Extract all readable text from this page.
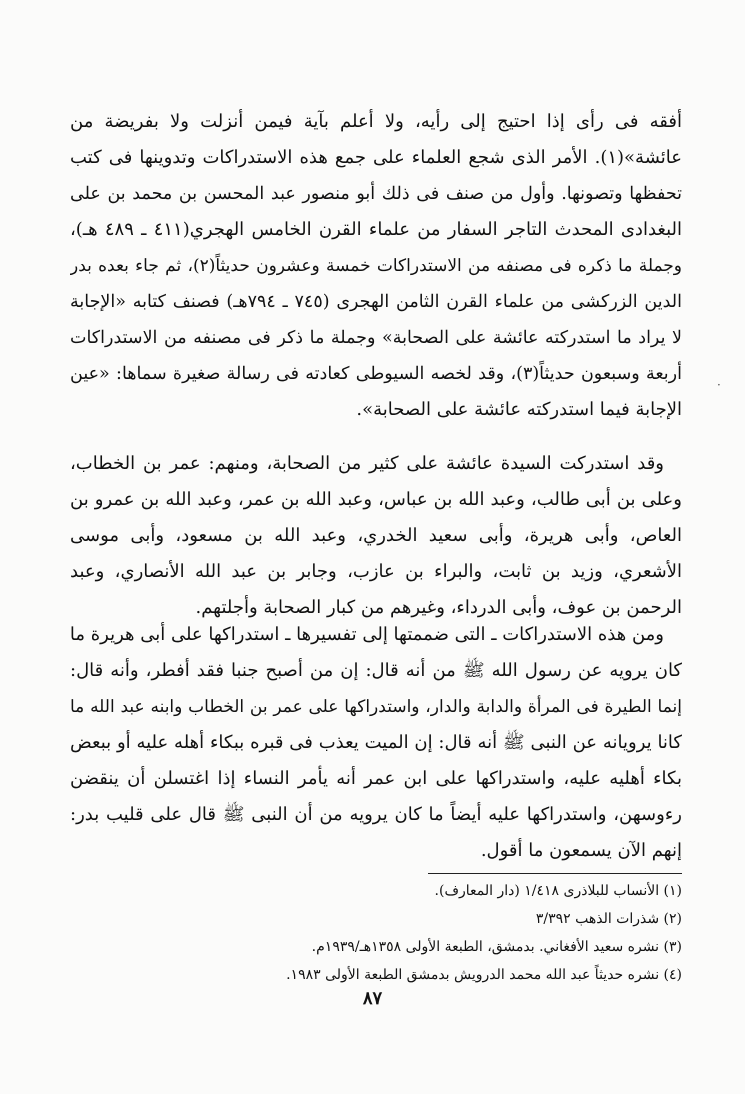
·
أفقه فى رأى إذا احتيج إلى رأيه، ولا أعلم بآية فيمن أنزلت ولا بفريضة من
عائشة»(١). الأمر الذى شجع العلماء على جمع هذه الاستدراكات وتدوينها فى كتب
تحفظها وتصونها. وأول من صنف فى ذلك أبو منصور عبد المحسن بن محمد بن على
البغدادى المحدث التاجر السفار من علماء القرن الخامس الهجري(٤١١ ـ ٤٨٩ هـ)،
وجملة ما ذكره فى مصنفه من الاستدراكات خمسة وعشرون حديثاً(٢)، ثم جاء بعده بدر
الدين الزركشى من علماء القرن الثامن الهجرى (٧٤٥ ـ ٧٩٤هـ) فصنف كتابه «الإجابة
لا يراد ما استدركته عائشة على الصحابة» وجملة ما ذكر فى مصنفه من الاستدراكات
أربعة وسبعون حديثاً(٣)، وقد لخصه السيوطى كعادته فى رسالة صغيرة سماها: «عين
الإجابة فيما استدركته عائشة على الصحابة».
وقد استدركت السيدة عائشة على كثير من الصحابة، ومنهم: عمر بن الخطاب،
وعلى بن أبى طالب، وعبد الله بن عباس، وعبد الله بن عمر، وعبد الله بن عمرو بن
العاص، وأبى هريرة، وأبى سعيد الخدري، وعبد الله بن مسعود، وأبى موسى
الأشعري، وزيد بن ثابت، والبراء بن عازب، وجابر بن عبد الله الأنصاري، وعبد
الرحمن بن عوف، وأبى الدرداء، وغيرهم من كبار الصحابة وأجلتهم.
ومن هذه الاستدراكات ـ التى ضممتها إلى تفسيرها ـ استدراكها على أبى هريرة ما
كان يرويه عن رسول الله ﷺ من أنه قال: إن من أصبح جنبا فقد أفطر، وأنه قال:
إنما الطيرة فى المرأة والدابة والدار، واستدراكها على عمر بن الخطاب وابنه عبد الله ما
كانا يرويانه عن النبى ﷺ أنه قال: إن الميت يعذب فى قبره ببكاء أهله عليه أو ببعض
بكاء أهليه عليه، واستدراكها على ابن عمر أنه يأمر النساء إذا اغتسلن أن ينقضن
رءوسهن، واستدراكها عليه أيضاً ما كان يرويه من أن النبى ﷺ قال على قليب بدر:
إنهم الآن يسمعون ما أقول.
(١) الأنساب للبلاذرى ١/٤١٨ (دار المعارف).
(٢) شذرات الذهب ٣/٣٩٢
(٣) نشره سعيد الأفغاني. بدمشق، الطبعة الأولى ١٣٥٨هـ/١٩٣٩م.
(٤) نشره حديثاً عبد الله محمد الدرويش بدمشق الطبعة الأولى ١٩٨٣.
٨٧
